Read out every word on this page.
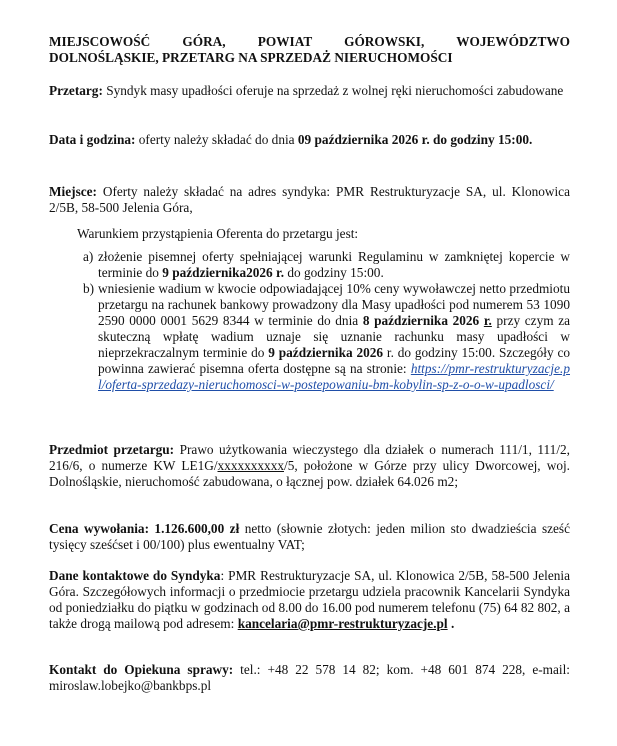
MIEJSCOWOŚĆ GÓRA, POWIAT GÓROWSKI, WOJEWÓDZTWO
DOLNOŚLĄSKIE, PRZETARG NA SPRZEDAŻ NIERUCHOMOŚCI

Przetarg: Syndyk masy upadłości oferuje na sprzedaż z wolnej ręki nieruchomości zabudowane

Data i godzina: oferty należy składać do dnia 09 października 2026 r. do godziny 15:00.

Miejsce: Oferty należy składać na adres syndyka: PMR Restrukturyzacje SA, ul. Klonowica 2/5B, 58-500 Jelenia Góra,

Warunkiem przystąpienia Oferenta do przetargu jest:

a) złożenie pisemnej oferty spełniającej warunki Regulaminu w zamkniętej kopercie w terminie do 9 października2026 r. do godziny 15:00.
b) wniesienie wadium w kwocie odpowiadającej 10% ceny wywoławczej netto przedmiotu przetargu na rachunek bankowy prowadzony dla Masy upadłości pod numerem 53 1090 2590 0000 0001 5629 8344 w terminie do dnia 8 października 2026 r. przy czym za skuteczną wpłatę wadium uznaje się uznanie rachunku masy upadłości w nieprzekraczalnym terminie do 9 października 2026 r. do godziny 15:00. Szczegóły co powinna zawierać pisemna oferta dostępne są na stronie: https://pmr-restrukturyzacje.pl/oferta-sprzedazy-nieruchomosci-w-postepowaniu-bm-kobylin-sp-z-o-o-w-upadlosci/

Przedmiot przetargu: Prawo użytkowania wieczystego dla działek o numerach 111/1, 111/2, 216/6, o numerze KW LE1G/xxxxxxxxxx/5, położone w Górze przy ulicy Dworcowej, woj. Dolnośląskie, nieruchomość zabudowana, o łącznej pow. działek 64.026 m2;

Cena wywołania: 1.126.600,00 zł netto (słownie złotych: jeden milion sto dwadzieścia sześć tysięcy sześćset i 00/100) plus ewentualny VAT;

Dane kontaktowe do Syndyka: PMR Restrukturyzacje SA, ul. Klonowica 2/5B, 58-500 Jelenia Góra. Szczegółowych informacji o przedmiocie przetargu udziela pracownik Kancelarii Syndyka od poniedziałku do piątku w godzinach od 8.00 do 16.00 pod numerem telefonu (75) 64 82 802, a także drogą mailową pod adresem: kancelaria@pmr-restrukturyzacje.pl .

Kontakt do Opiekuna sprawy: tel.: +48 22 578 14 82; kom. +48 601 874 228, e-mail: miroslaw.lobejko@bankbps.pl
